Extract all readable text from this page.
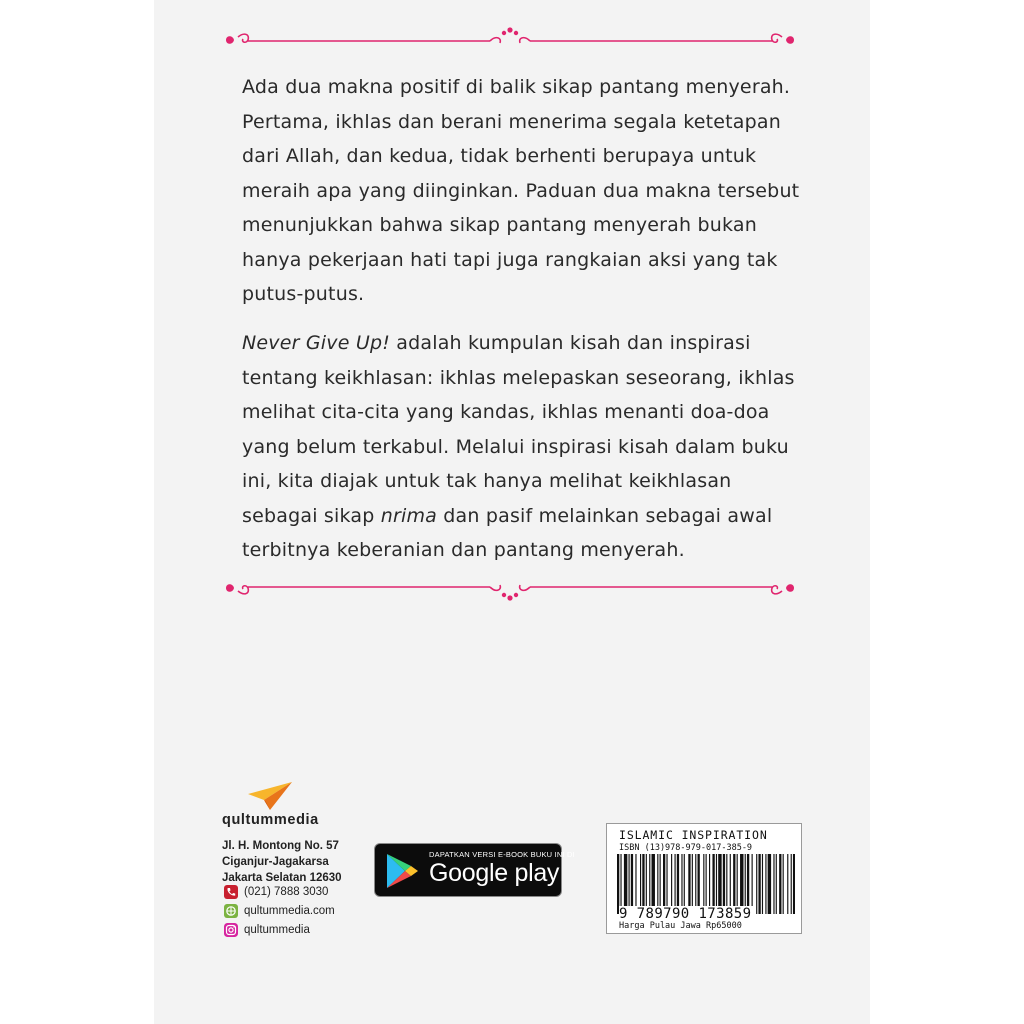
Ada dua makna positif di balik sikap pantang menyerah.
Pertama, ikhlas dan berani menerima segala ketetapan
dari Allah, dan kedua, tidak berhenti berupaya untuk
meraih apa yang diinginkan. Paduan dua makna tersebut
menunjukkan bahwa sikap pantang menyerah bukan
hanya pekerjaan hati tapi juga rangkaian aksi yang tak
putus-putus.

Never Give Up! adalah kumpulan kisah dan inspirasi
tentang keikhlasan: ikhlas melepaskan seseorang, ikhlas
melihat cita-cita yang kandas, ikhlas menanti doa-doa
yang belum terkabul. Melalui inspirasi kisah dalam buku
ini, kita diajak untuk tak hanya melihat keikhlasan
sebagai sikap nrima dan pasif melainkan sebagai awal
terbitnya keberanian dan pantang menyerah.

qultummedia
Jl. H. Montong No. 57
Ciganjur-Jagakarsa
Jakarta Selatan 12630
(021) 7888 3030
qultummedia.com
qultummedia
DAPATKAN VERSI E-BOOK BUKU INI DI
Google play
ISLAMIC INSPIRATION
ISBN (13)978-979-017-385-9
9 789790 173859
Harga Pulau Jawa Rp65000
